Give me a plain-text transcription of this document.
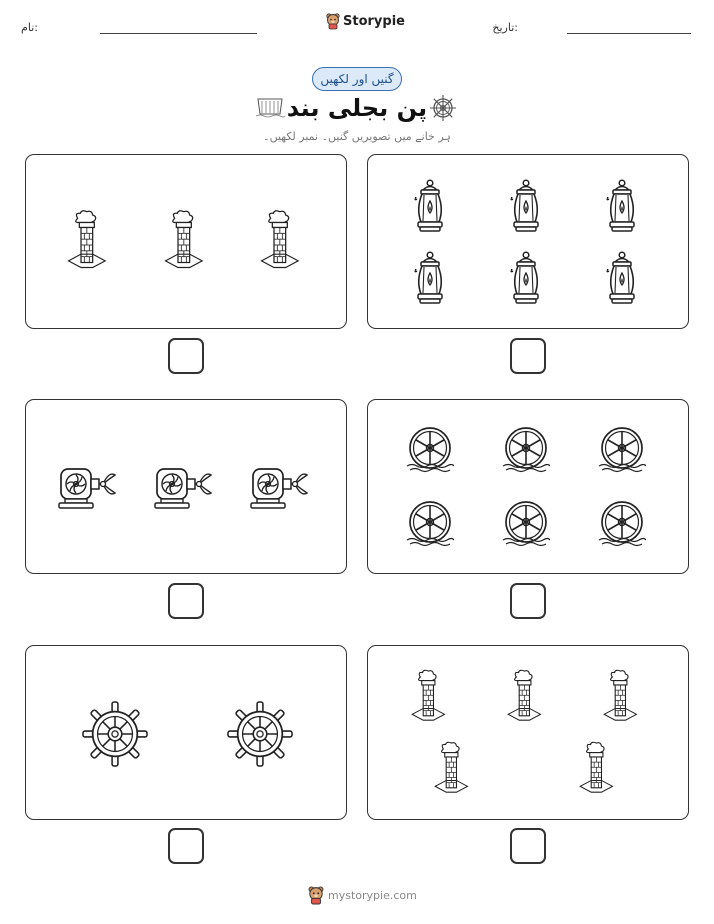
نام:	Storypie	تاریخ:
گنیں اور لکھیں
پن بجلی بند
ہر خانے میں تصویریں گنیں۔ نمبر لکھیں۔
mystorypie.com
